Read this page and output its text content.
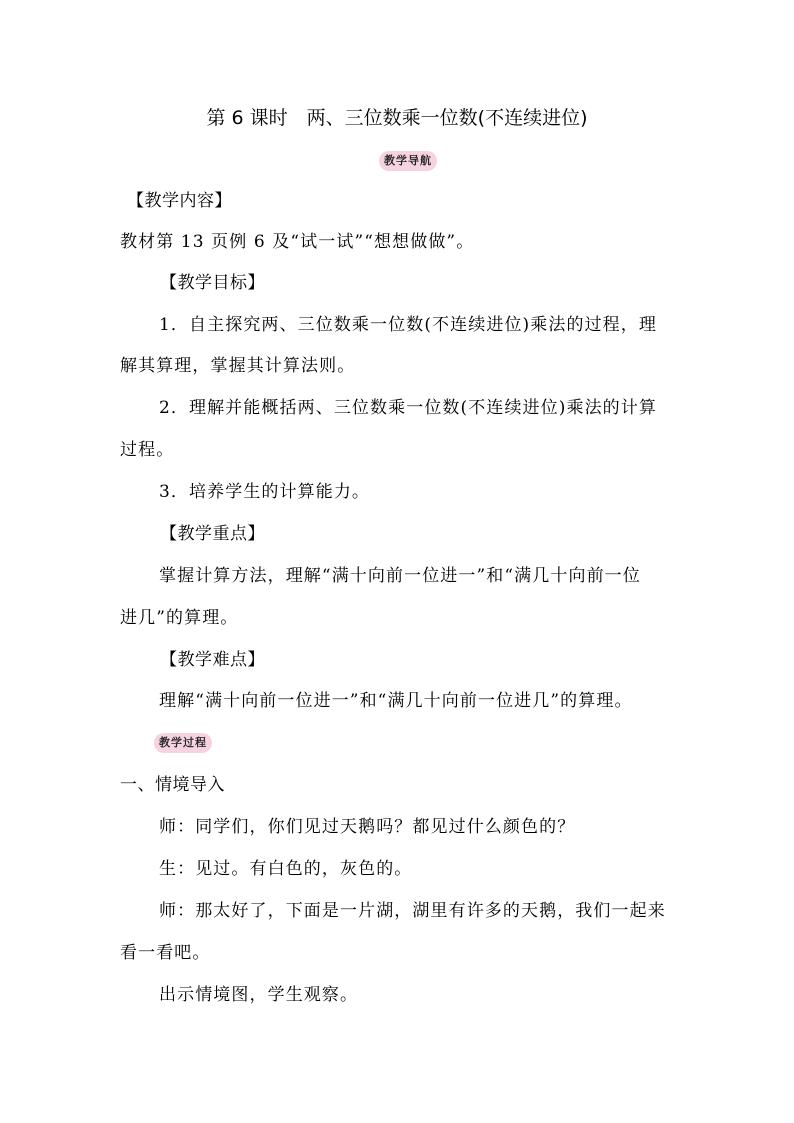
第 6 课时　两、三位数乘一位数(不连续进位)
教学导航
【教学内容】
教材第 13 页例 6 及“试一试”“想想做做”。
【教学目标】
1．自主探究两、三位数乘一位数(不连续进位)乘法的过程，理
解其算理，掌握其计算法则。
2．理解并能概括两、三位数乘一位数(不连续进位)乘法的计算
过程。
3．培养学生的计算能力。
【教学重点】
掌握计算方法，理解“满十向前一位进一”和“满几十向前一位
进几”的算理。
【教学难点】
理解“满十向前一位进一”和“满几十向前一位进几”的算理。
教学过程
一、情境导入
师：同学们，你们见过天鹅吗？都见过什么颜色的？
生：见过。有白色的，灰色的。
师：那太好了，下面是一片湖，湖里有许多的天鹅，我们一起来
看一看吧。
出示情境图，学生观察。
